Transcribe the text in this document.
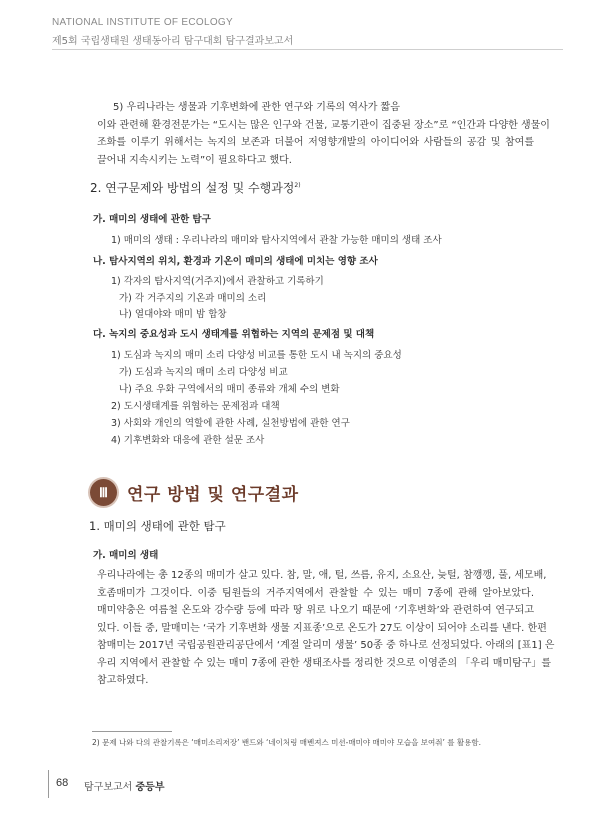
NATIONAL INSTITUTE OF ECOLOGY
제5회 국립생태원 생태동아리 탐구대회 탐구결과보고서
5) 우리나라는 생물과 기후변화에 관한 연구와 기록의 역사가 짧음
이와 관련해 환경전문가는 “도시는 많은 인구와 건물, 교통기관이 집중된 장소”로 “인간과 다양한 생물이
조화를 이루기 위해서는 녹지의 보존과 더불어 저영향개발의 아이디어와 사람들의 공감 및 참여를
끌어내 지속시키는 노력”이 필요하다고 했다.
2. 연구문제와 방법의 설정 및 수행과정$^{2)}$
가. 매미의 생태에 관한 탐구
1) 매미의 생태 : 우리나라의 매미와 탐사지역에서 관찰 가능한 매미의 생태 조사
나. 탐사지역의 위치, 환경과 기온이 매미의 생태에 미치는 영향 조사
1) 각자의 탐사지역(거주지)에서 관찰하고 기록하기
가) 각 거주지의 기온과 매미의 소리
나) 열대야와 매미 밤 합창
다. 녹지의 중요성과 도시 생태계를 위협하는 지역의 문제점 및 대책
1) 도심과 녹지의 매미 소리 다양성 비교를 통한 도시 내 녹지의 중요성
가) 도심과 녹지의 매미 소리 다양성 비교
나) 주요 우화 구역에서의 매미 종류와 개체 수의 변화
2) 도시생태계를 위협하는 문제점과 대책
3) 사회와 개인의 역할에 관한 사례, 실천방법에 관한 연구
4) 기후변화와 대응에 관한 설문 조사
Ⅲ	연구 방법 및 연구결과
1. 매미의 생태에 관한 탐구
가. 매미의 생태
우리나라에는 총 12종의 매미가 살고 있다. 참, 말, 애, 털, 쓰름, 유지, 소요산, 늦털, 참깽깽, 풀, 세모배,
호좀매미가 그것이다. 이중 팀원들의 거주지역에서 관찰할 수 있는 매미 7종에 관해 알아보았다.
매미약충은 여름철 온도와 강수량 등에 따라 땅 위로 나오기 때문에 ‘기후변화’와 관련하여 연구되고
있다. 이들 중, 말매미는 ‘국가 기후변화 생물 지표종’으로 온도가 27도 이상이 되어야 소리를 낸다. 한편
참매미는 2017년 국립공원관리공단에서 ‘계절 알리미 생물’ 50종 중 하나로 선정되었다. 아래의 [표1] 은
우리 지역에서 관찰할 수 있는 매미 7종에 관한 생태조사를 정리한 것으로 이영준의 「우리 매미탐구」를
참고하였다.
2) 문제 나와 다의 관찰기록은 ‘매미소리저장’ 밴드와 ‘네이처링 매벤져스 미션-매미야 매미야 모습을 보여줘’ 를 활용함.
68 탐구보고서 중등부
